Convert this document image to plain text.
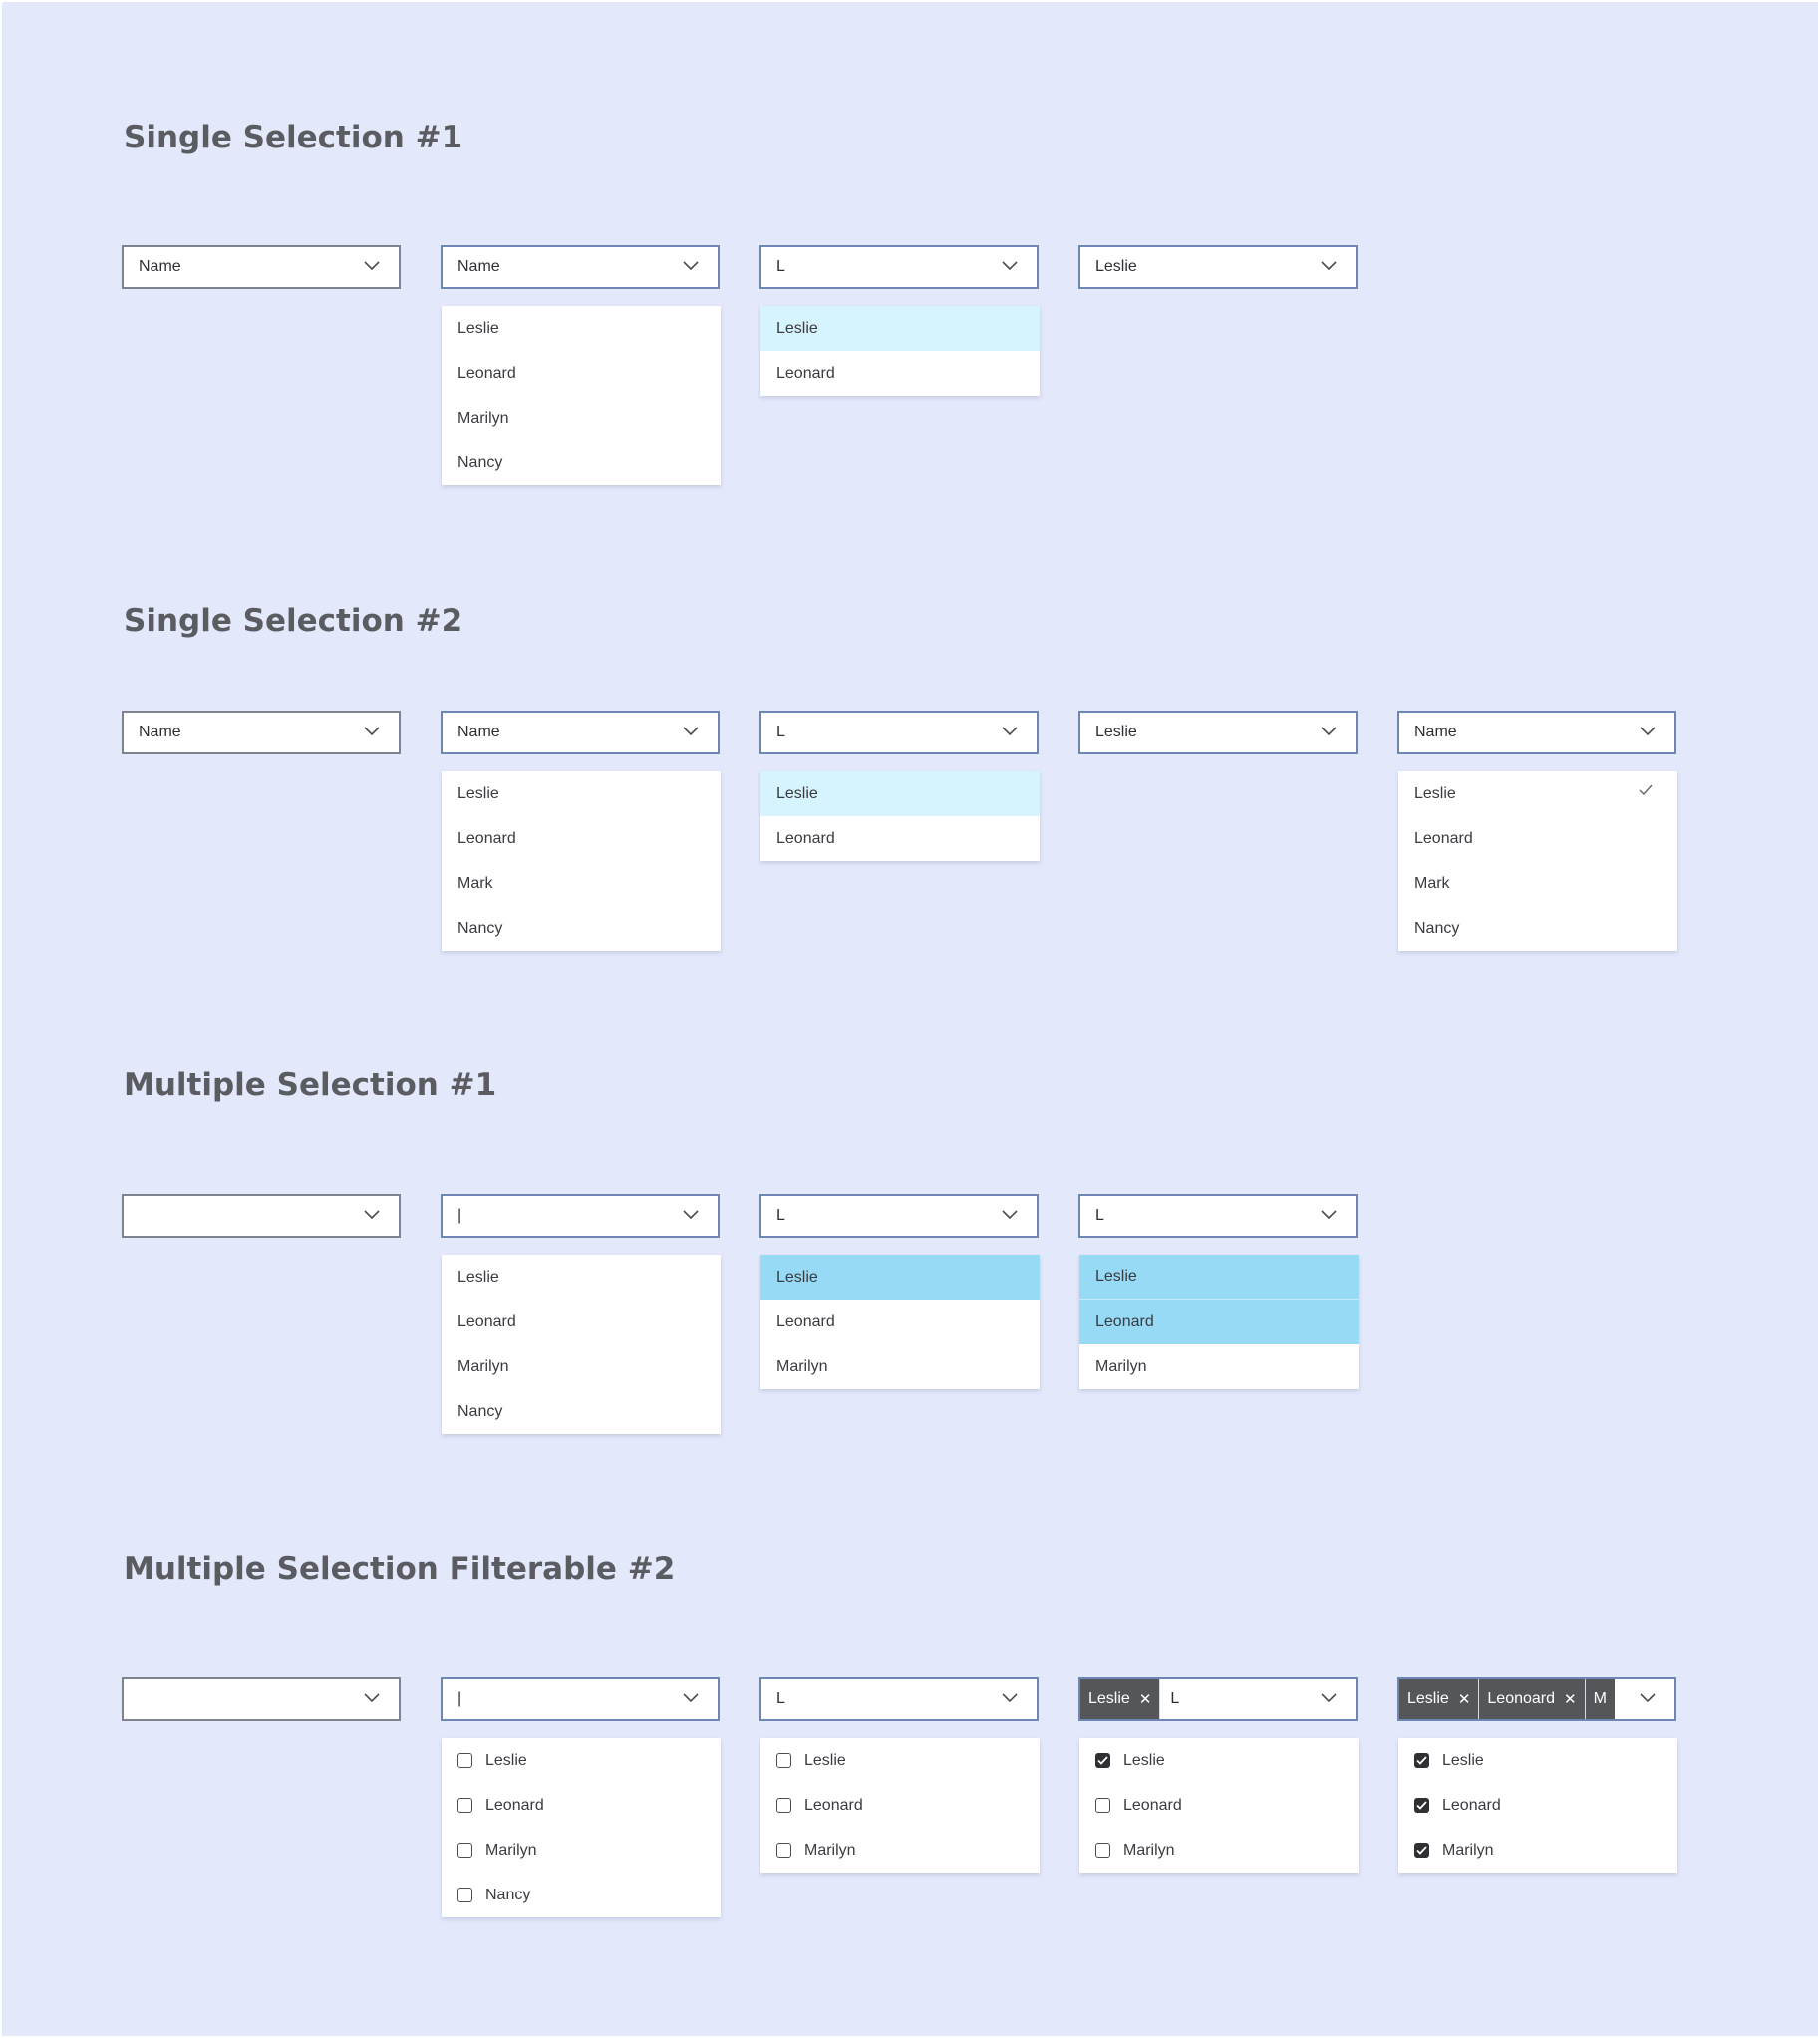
Single Selection #1
Name	Name
Leslie
Leonard
Marilyn
Nancy
L
Leslie
Leonard
Leslie
Single Selection #2
Name	Name
Leslie
Leonard
Mark
Nancy
L
Leslie
Leonard
Leslie	Name
Leslie
Leonard
Mark
Nancy
Multiple Selection #1
|
Leslie
Leonard
Marilyn
Nancy
L
Leslie
Leonard
Marilyn
L
Leslie
Leonard
Marilyn
Multiple Selection Filterable #2
|
Leslie
Leonard
Marilyn
Nancy
L
Leslie
Leonard
Marilyn
Leslie ✕	L
Leslie
Leonard
Marilyn
Leslie ✕ Leonoard ✕ M
Leslie
Leonard
Marilyn
